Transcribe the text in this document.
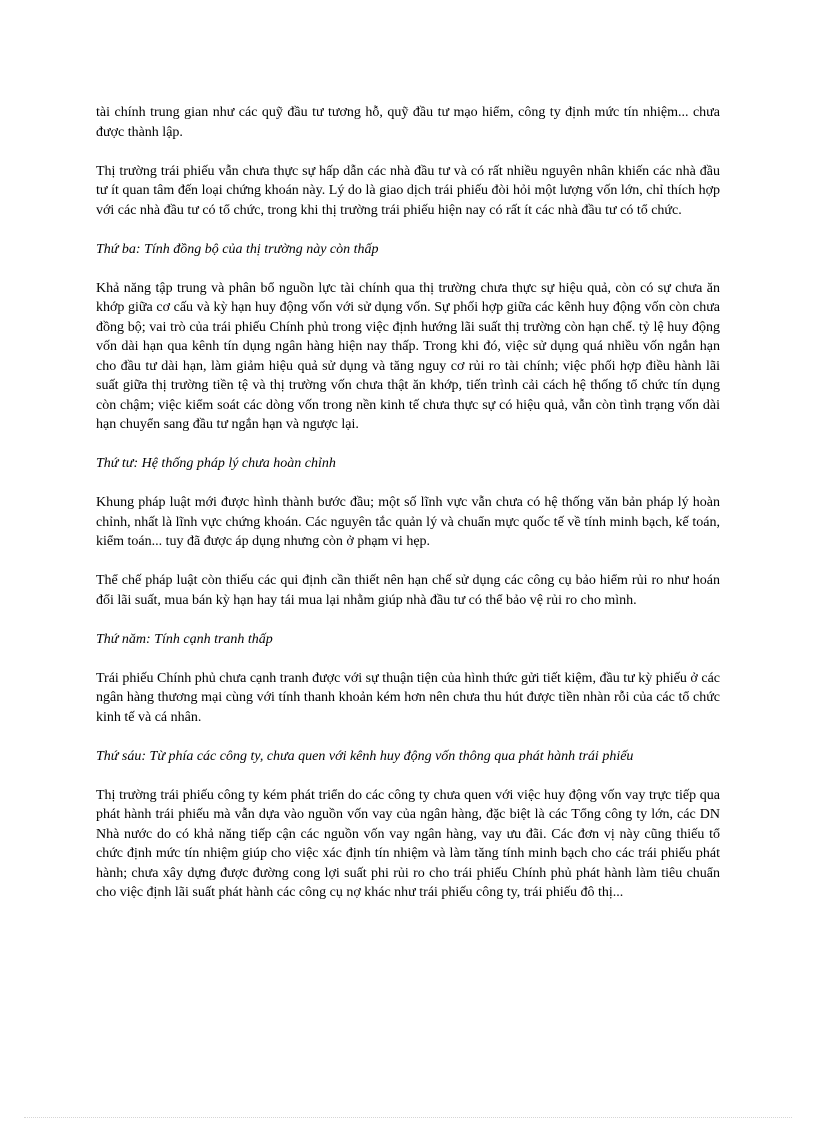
tài chính trung gian như các quỹ đầu tư tương hỗ, quỹ đầu tư mạo hiểm, công ty định mức tín nhiệm... chưa được thành lập.

Thị trường trái phiếu vẫn chưa thực sự hấp dẫn các nhà đầu tư và có rất nhiều nguyên nhân khiến các nhà đầu tư ít quan tâm đến loại chứng khoán này. Lý do là giao dịch trái phiếu đòi hỏi một lượng vốn lớn, chỉ thích hợp với các nhà đầu tư có tổ chức, trong khi thị trường trái phiếu hiện nay có rất ít các nhà đầu tư có tổ chức.

Thứ ba: Tính đồng bộ của thị trường này còn thấp

Khả năng tập trung và phân bổ nguồn lực tài chính qua thị trường chưa thực sự hiệu quả, còn có sự chưa ăn khớp giữa cơ cấu và kỳ hạn huy động vốn với sử dụng vốn. Sự phối hợp giữa các kênh huy động vốn còn chưa đồng bộ; vai trò của trái phiếu Chính phủ trong việc định hướng lãi suất thị trường còn hạn chế. tỷ lệ huy động vốn dài hạn qua kênh tín dụng ngân hàng hiện nay thấp. Trong khi đó, việc sử dụng quá nhiều vốn ngắn hạn cho đầu tư dài hạn, làm giảm hiệu quả sử dụng và tăng nguy cơ rủi ro tài chính; việc phối hợp điều hành lãi suất giữa thị trường tiền tệ và thị trường vốn chưa thật ăn khớp, tiến trình cải cách hệ thống tổ chức tín dụng còn chậm; việc kiểm soát các dòng vốn trong nền kinh tế chưa thực sự có hiệu quả, vẫn còn tình trạng vốn dài hạn chuyển sang đầu tư ngắn hạn và ngược lại.

Thứ tư: Hệ thống pháp lý chưa hoàn chỉnh

Khung pháp luật mới được hình thành bước đầu; một số lĩnh vực vẫn chưa có hệ thống văn bản pháp lý hoàn chỉnh, nhất là lĩnh vực chứng khoán. Các nguyên tắc quản lý và chuẩn mực quốc tế về tính minh bạch, kế toán, kiểm toán... tuy đã được áp dụng nhưng còn ở phạm vi hẹp.

Thể chế pháp luật còn thiếu các qui định cần thiết nên hạn chế sử dụng các công cụ bảo hiểm rủi ro như hoán đổi lãi suất, mua bán kỳ hạn hay tái mua lại nhằm giúp nhà đầu tư có thể bảo vệ rủi ro cho mình.

Thứ năm: Tính cạnh tranh thấp

Trái phiếu Chính phủ chưa cạnh tranh được với sự thuận tiện của hình thức gửi tiết kiệm, đầu tư kỳ phiếu ở các ngân hàng thương mại cùng với tính thanh khoản kém hơn nên chưa thu hút được tiền nhàn rỗi của các tổ chức kinh tế và cá nhân.

Thứ sáu: Từ phía các công ty, chưa quen với kênh huy động vốn thông qua phát hành trái phiếu

Thị trường trái phiếu công ty kém phát triển do các công ty chưa quen với việc huy động vốn vay trực tiếp qua phát hành trái phiếu mà vẫn dựa vào nguồn vốn vay của ngân hàng, đặc biệt là các Tổng công ty lớn, các DN Nhà nước do có khả năng tiếp cận các nguồn vốn vay ngân hàng, vay ưu đãi. Các đơn vị này cũng thiếu tổ chức định mức tín nhiệm giúp cho việc xác định tín nhiệm và làm tăng tính minh bạch cho các trái phiếu phát hành; chưa xây dựng được đường cong lợi suất phi rủi ro cho trái phiếu Chính phủ phát hành làm tiêu chuẩn cho việc định lãi suất phát hành các công cụ nợ khác như trái phiếu công ty, trái phiếu đô thị...
